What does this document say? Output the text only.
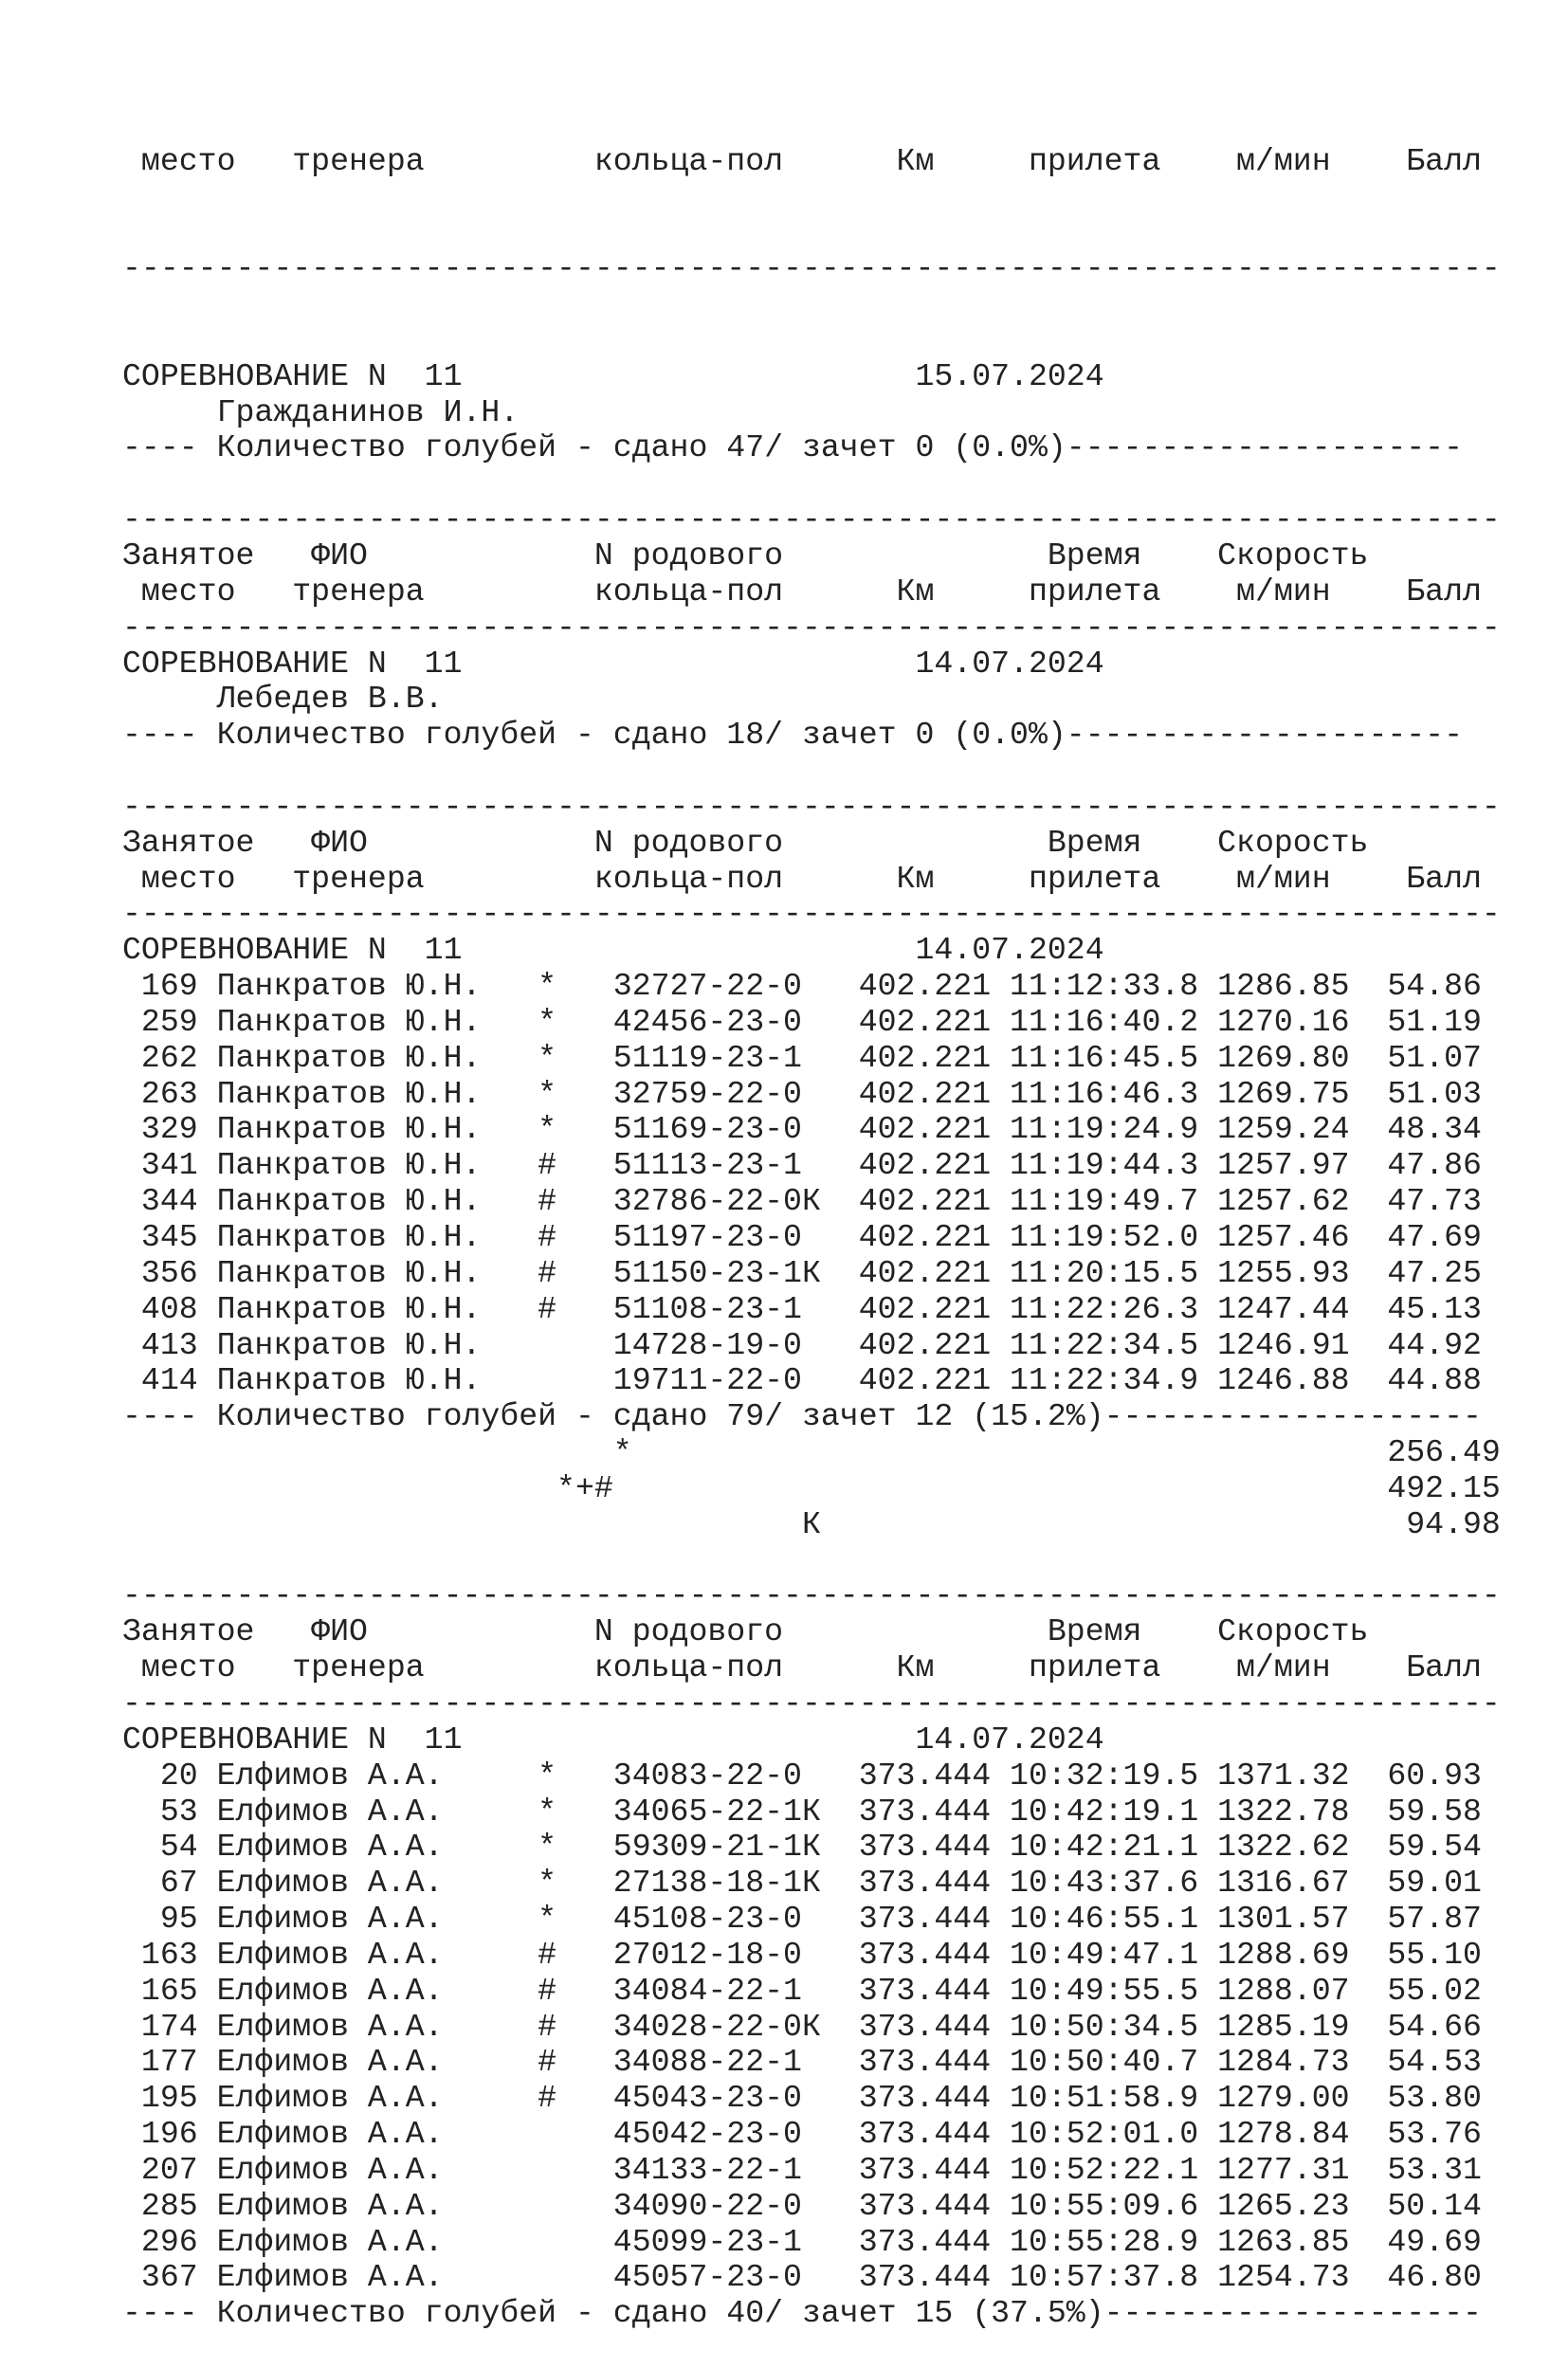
место   тренера         кольца-пол      Км     прилета    м/мин    Балл

-------------------------------------------------------------------------

СОРЕВНОВАНИЕ N  11                        15.07.2024
Гражданинов И.Н.
---- Количество голубей - сдано 47/ зачет 0 (0.0%)---------------------
-------------------------------------------------------------------------
Занятое   ФИО            N родового              Время    Скорость
место   тренера         кольца-пол      Км     прилета    м/мин    Балл
-------------------------------------------------------------------------
СОРЕВНОВАНИЕ N  11                        14.07.2024
Лебедев В.В.
---- Количество голубей - сдано 18/ зачет 0 (0.0%)---------------------
-------------------------------------------------------------------------
Занятое   ФИО            N родового              Время    Скорость
место   тренера         кольца-пол      Км     прилета    м/мин    Балл
-------------------------------------------------------------------------
СОРЕВНОВАНИЕ N  11                        14.07.2024
169 Панкратов Ю.Н.   *   32727-22-0   402.221 11:12:33.8 1286.85  54.86
259 Панкратов Ю.Н.   *   42456-23-0   402.221 11:16:40.2 1270.16  51.19
262 Панкратов Ю.Н.   *   51119-23-1   402.221 11:16:45.5 1269.80  51.07
263 Панкратов Ю.Н.   *   32759-22-0   402.221 11:16:46.3 1269.75  51.03
329 Панкратов Ю.Н.   *   51169-23-0   402.221 11:19:24.9 1259.24  48.34
341 Панкратов Ю.Н.   #   51113-23-1   402.221 11:19:44.3 1257.97  47.86
344 Панкратов Ю.Н.   #   32786-22-0К  402.221 11:19:49.7 1257.62  47.73
345 Панкратов Ю.Н.   #   51197-23-0   402.221 11:19:52.0 1257.46  47.69
356 Панкратов Ю.Н.   #   51150-23-1К  402.221 11:20:15.5 1255.93  47.25
408 Панкратов Ю.Н.   #   51108-23-1   402.221 11:22:26.3 1247.44  45.13
413 Панкратов Ю.Н.       14728-19-0   402.221 11:22:34.5 1246.91  44.92
414 Панкратов Ю.Н.       19711-22-0   402.221 11:22:34.9 1246.88  44.88
---- Количество голубей - сдано 79/ зачет 12 (15.2%)--------------------
*                                        256.49
*+#                                         492.15
К                               94.98
-------------------------------------------------------------------------
Занятое   ФИО            N родового              Время    Скорость
место   тренера         кольца-пол      Км     прилета    м/мин    Балл
-------------------------------------------------------------------------
СОРЕВНОВАНИЕ N  11                        14.07.2024
20 Елфимов А.А.     *   34083-22-0   373.444 10:32:19.5 1371.32  60.93
53 Елфимов А.А.     *   34065-22-1К  373.444 10:42:19.1 1322.78  59.58
54 Елфимов А.А.     *   59309-21-1К  373.444 10:42:21.1 1322.62  59.54
67 Елфимов А.А.     *   27138-18-1К  373.444 10:43:37.6 1316.67  59.01
95 Елфимов А.А.     *   45108-23-0   373.444 10:46:55.1 1301.57  57.87
163 Елфимов А.А.     #   27012-18-0   373.444 10:49:47.1 1288.69  55.10
165 Елфимов А.А.     #   34084-22-1   373.444 10:49:55.5 1288.07  55.02
174 Елфимов А.А.     #   34028-22-0К  373.444 10:50:34.5 1285.19  54.66
177 Елфимов А.А.     #   34088-22-1   373.444 10:50:40.7 1284.73  54.53
195 Елфимов А.А.     #   45043-23-0   373.444 10:51:58.9 1279.00  53.80
196 Елфимов А.А.         45042-23-0   373.444 10:52:01.0 1278.84  53.76
207 Елфимов А.А.         34133-22-1   373.444 10:52:22.1 1277.31  53.31
285 Елфимов А.А.         34090-22-0   373.444 10:55:09.6 1265.23  50.14
296 Елфимов А.А.         45099-23-1   373.444 10:55:28.9 1263.85  49.69
367 Елфимов А.А.         45057-23-0   373.444 10:57:37.8 1254.73  46.80
---- Количество голубей - сдано 40/ зачет 15 (37.5%)--------------------
